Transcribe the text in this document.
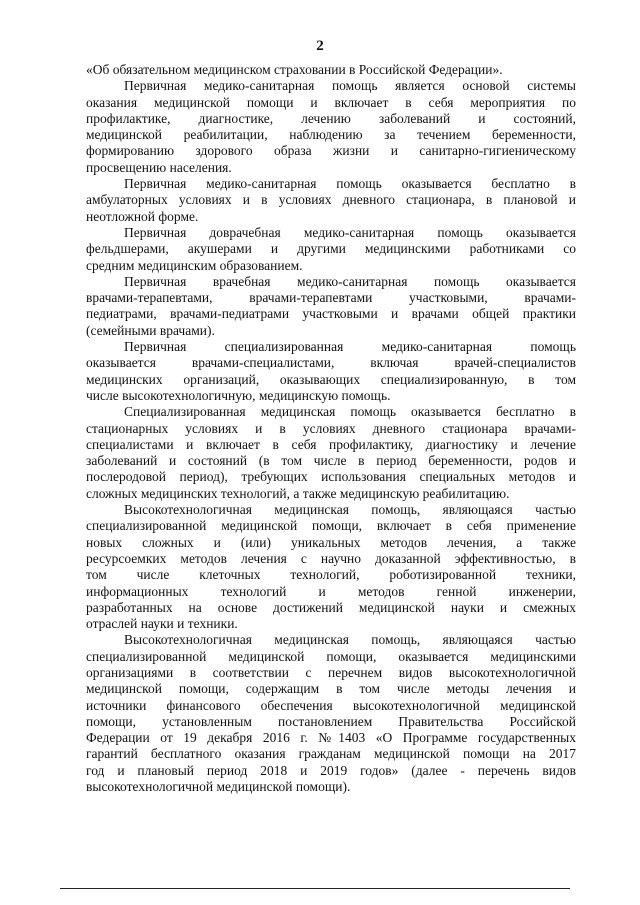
2
«Об обязательном медицинском страховании в Российской Федерации».
Первичная медико-санитарная помощь является основой системы
оказания медицинской помощи и включает в себя мероприятия по
профилактике, диагностике, лечению заболеваний и состояний,
медицинской реабилитации, наблюдению за течением беременности,
формированию здорового образа жизни и санитарно-гигиеническому
просвещению населения.
Первичная медико-санитарная помощь оказывается бесплатно в
амбулаторных условиях и в условиях дневного стационара, в плановой и
неотложной форме.
Первичная доврачебная медико-санитарная помощь оказывается
фельдшерами, акушерами и другими медицинскими работниками со
средним медицинским образованием.
Первичная врачебная медико-санитарная помощь оказывается
врачами-терапевтами, врачами-терапевтами участковыми, врачами-
педиатрами, врачами-педиатрами участковыми и врачами общей практики
(семейными врачами).
Первичная специализированная медико-санитарная помощь
оказывается врачами-специалистами, включая врачей-специалистов
медицинских организаций, оказывающих специализированную, в том
числе высокотехнологичную, медицинскую помощь.
Специализированная медицинская помощь оказывается бесплатно в
стационарных условиях и в условиях дневного стационара врачами-
специалистами и включает в себя профилактику, диагностику и лечение
заболеваний и состояний (в том числе в период беременности, родов и
послеродовой период), требующих использования специальных методов и
сложных медицинских технологий, а также медицинскую реабилитацию.
Высокотехнологичная медицинская помощь, являющаяся частью
специализированной медицинской помощи, включает в себя применение
новых сложных и (или) уникальных методов лечения, а также
ресурсоемких методов лечения с научно доказанной эффективностью, в
том числе клеточных технологий, роботизированной техники,
информационных технологий и методов генной инженерии,
разработанных на основе достижений медицинской науки и смежных
отраслей науки и техники.
Высокотехнологичная медицинская помощь, являющаяся частью
специализированной медицинской помощи, оказывается медицинскими
организациями в соответствии с перечнем видов высокотехнологичной
медицинской помощи, содержащим в том числе методы лечения и
источники финансового обеспечения высокотехнологичной медицинской
помощи, установленным постановлением Правительства Российской
Федерации от 19 декабря 2016 г. №1403 «О Программе государственных
гарантий бесплатного оказания гражданам медицинской помощи на 2017
год и плановый период 2018 и 2019 годов» (далее - перечень видов
высокотехнологичной медицинской помощи).
